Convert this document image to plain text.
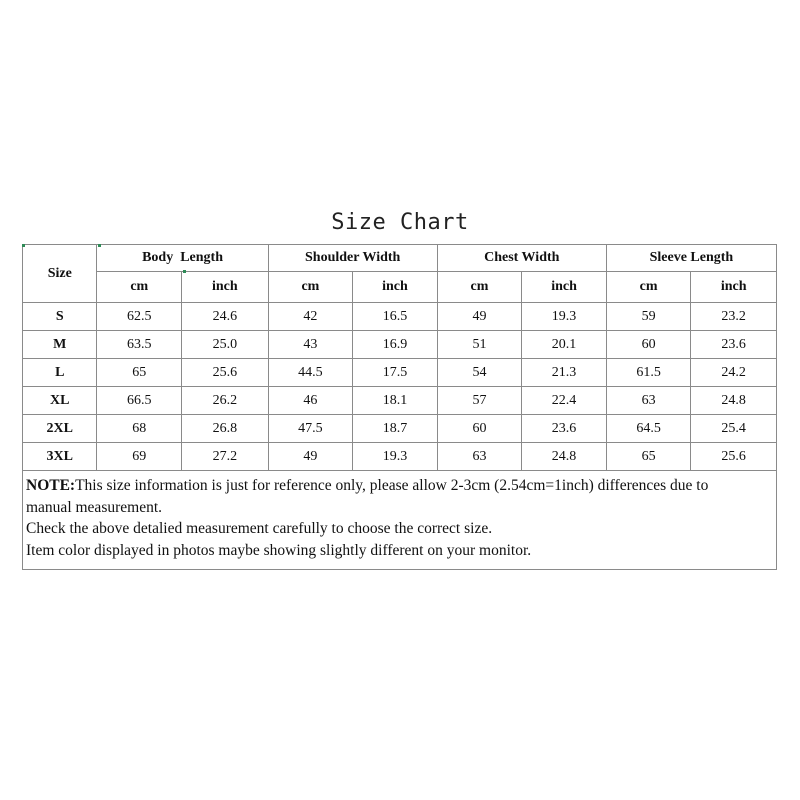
Size Chart
Size	Body  Length		Shoulder Width		Chest Width		Sleeve Length	
	cm	inch	cm	inch	cm	inch	cm	inch
S	62.5	24.6	42	16.5	49	19.3	59	23.2
M	63.5	25.0	43	16.9	51	20.1	60	23.6
L	65	25.6	44.5	17.5	54	21.3	61.5	24.2
XL	66.5	26.2	46	18.1	57	22.4	63	24.8
2XL	68	26.8	47.5	18.7	60	23.6	64.5	25.4
3XL	69	27.2	49	19.3	63	24.8	65	25.6

NOTE:This size information is just for reference only, please allow 2-3cm (2.54cm=1inch) differences due to
manual measurement.
Check the above detalied measurement carefully to choose the correct size.
Item color displayed in photos maybe showing slightly different on your monitor.								
